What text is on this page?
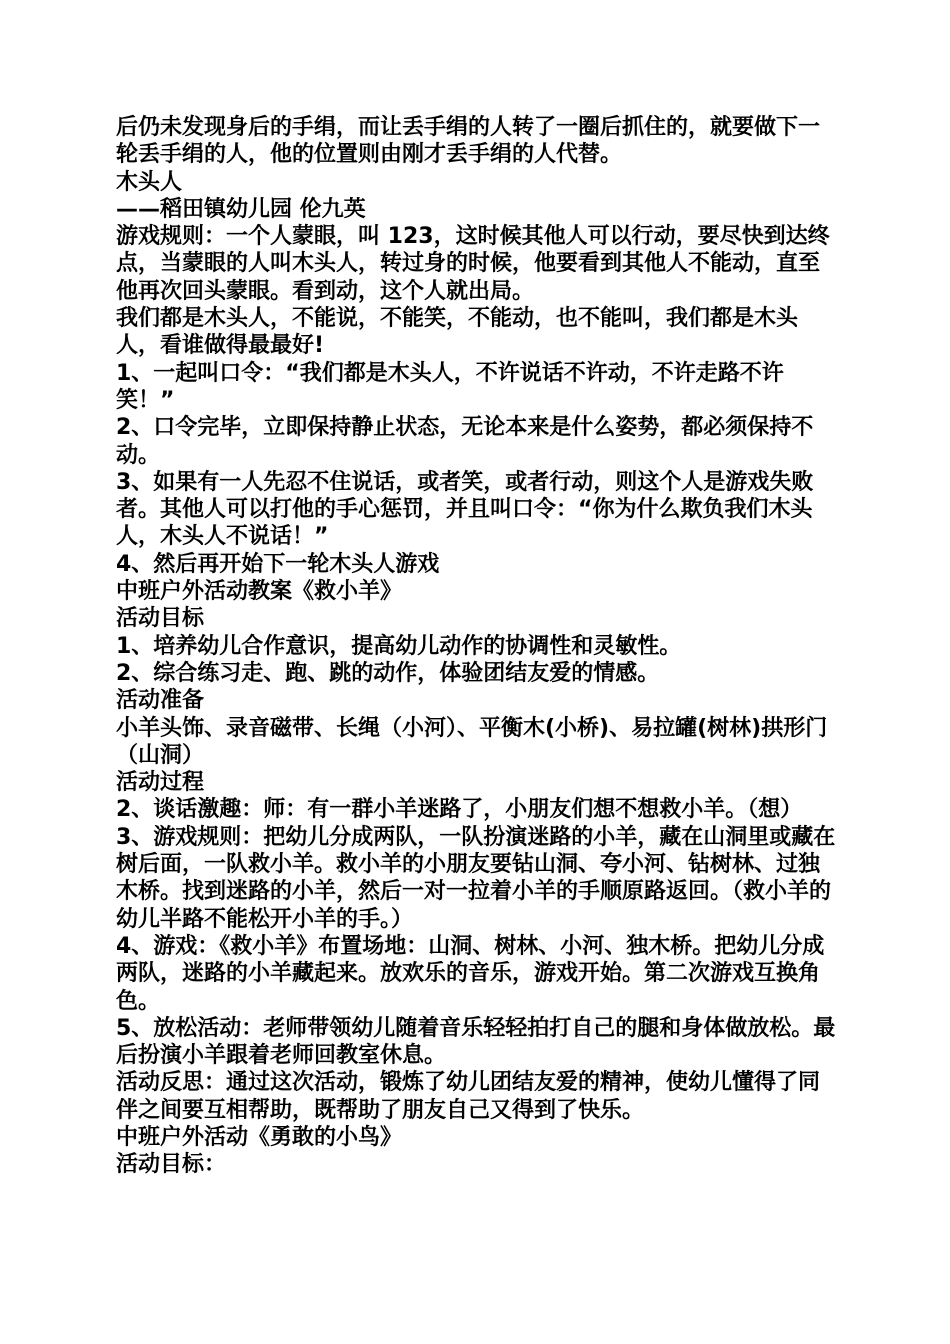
后仍未发现身后的手绢，而让丢手绢的人转了一圈后抓住的，就要做下一轮丢手绢的人，他的位置则由刚才丢手绢的人代替。

木头人

——稻田镇幼儿园 伦九英

游戏规则：一个人蒙眼，叫 123，这时候其他人可以行动，要尽快到达终点，当蒙眼的人叫木头人，转过身的时候，他要看到其他人不能动，直至他再次回头蒙眼。看到动，这个人就出局。

我们都是木头人，不能说，不能笑，不能动，也不能叫，我们都是木头人，看谁做得最最好!

1、一起叫口令：“我们都是木头人，不许说话不许动，不许走路不许笑！”

2、口令完毕，立即保持静止状态，无论本来是什么姿势，都必须保持不动。

3、如果有一人先忍不住说话，或者笑，或者行动，则这个人是游戏失败者。其他人可以打他的手心惩罚，并且叫口令：“你为什么欺负我们木头人，木头人不说话！”

4、然后再开始下一轮木头人游戏

中班户外活动教案《救小羊》

活动目标

1、培养幼儿合作意识，提高幼儿动作的协调性和灵敏性。

2、综合练习走、跑、跳的动作，体验团结友爱的情感。

活动准备

小羊头饰、录音磁带、长绳（小河）、平衡木(小桥)、易拉罐(树林)拱形门（山洞）

活动过程

2、谈话激趣：师：有一群小羊迷路了，小朋友们想不想救小羊。（想）

3、游戏规则：把幼儿分成两队，一队扮演迷路的小羊，藏在山洞里或藏在树后面，一队救小羊。救小羊的小朋友要钻山洞、夸小河、钻树林、过独木桥。找到迷路的小羊，然后一对一拉着小羊的手顺原路返回。（救小羊的幼儿半路不能松开小羊的手。）

4、游戏：《救小羊》布置场地：山洞、树林、小河、独木桥。把幼儿分成两队，迷路的小羊藏起来。放欢乐的音乐，游戏开始。第二次游戏互换角色。

5、放松活动：老师带领幼儿随着音乐轻轻拍打自己的腿和身体做放松。最后扮演小羊跟着老师回教室休息。

活动反思：通过这次活动，锻炼了幼儿团结友爱的精神，使幼儿懂得了同伴之间要互相帮助，既帮助了朋友自己又得到了快乐。

中班户外活动《勇敢的小鸟》

活动目标：
